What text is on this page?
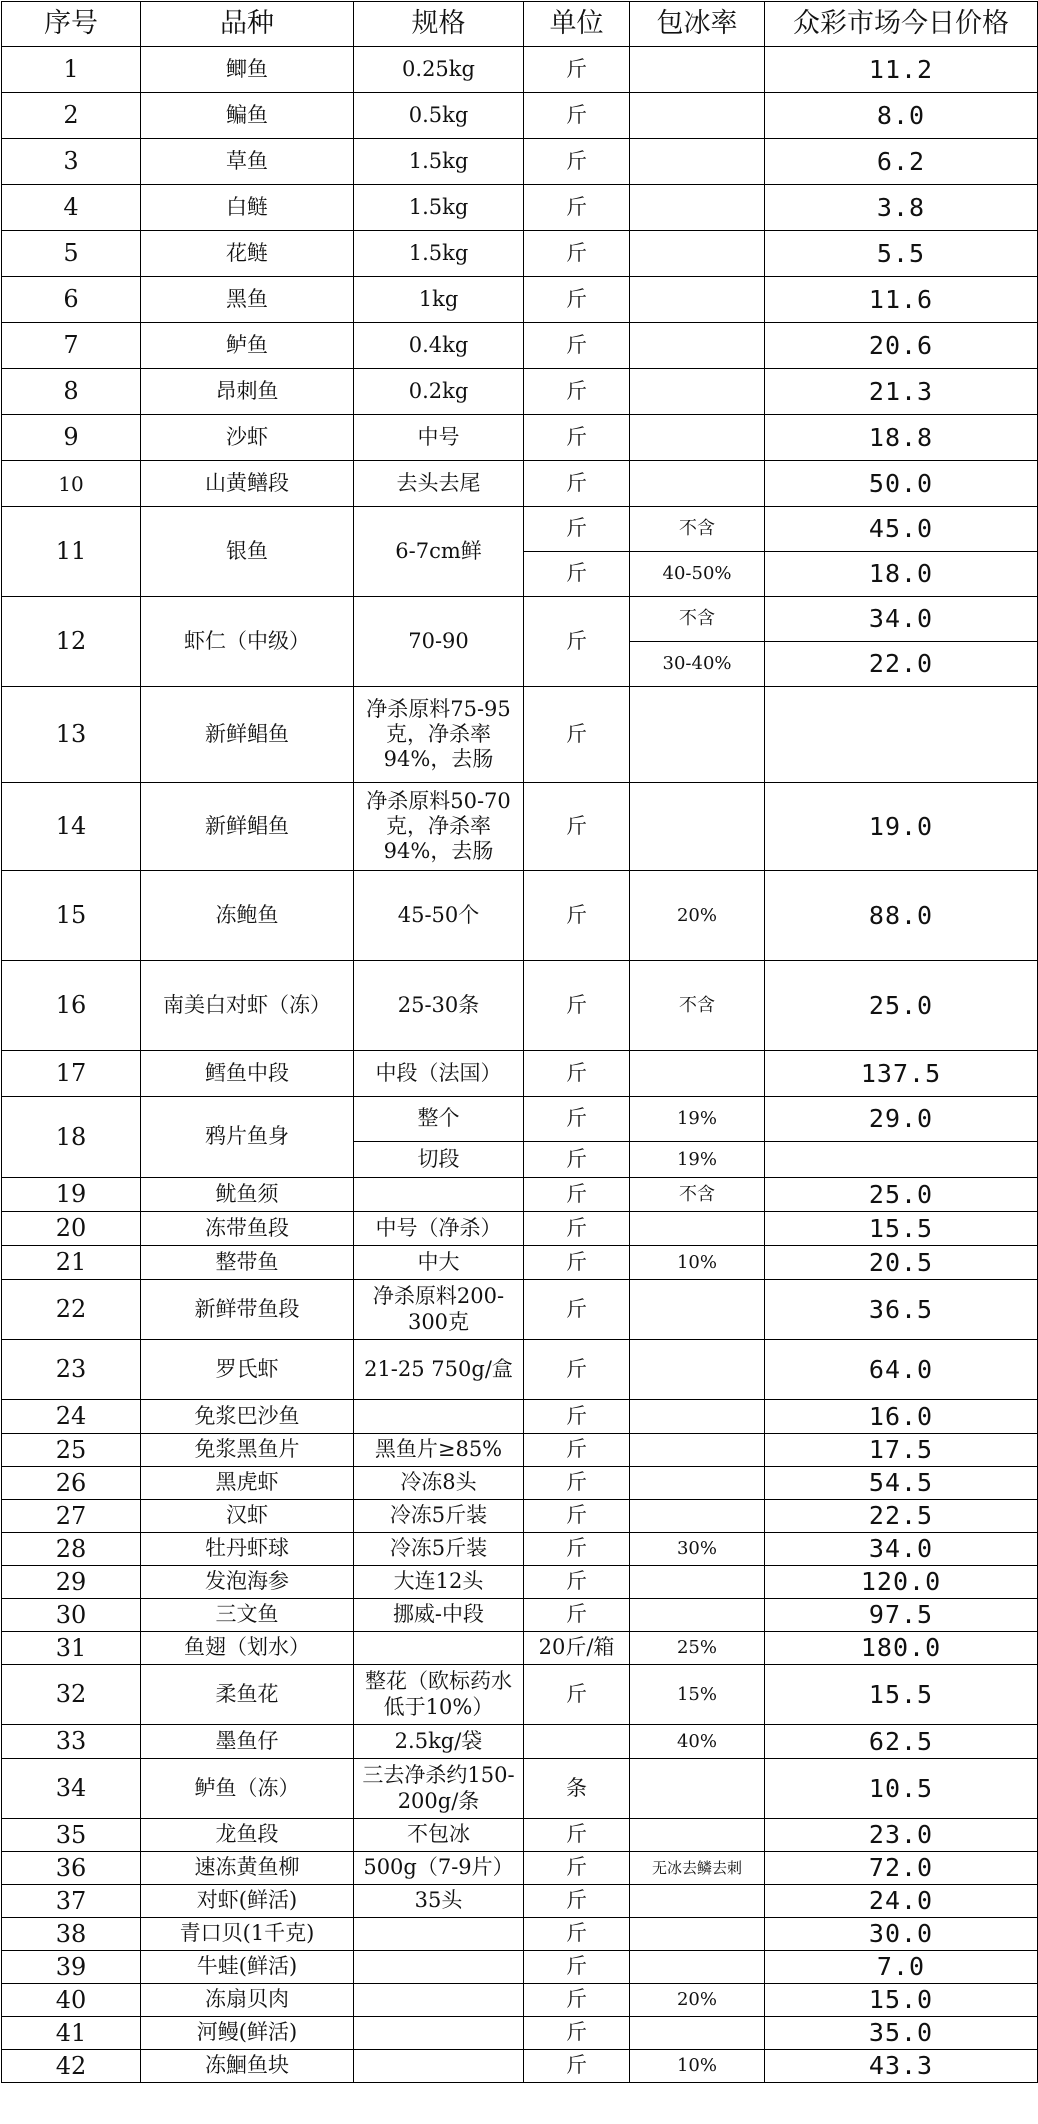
序号	品种	规格	单位	包冰率	众彩市场今日价格
1	鲫鱼	0.25kg	斤		11.2
2	鳊鱼	0.5kg	斤		8.0
3	草鱼	1.5kg	斤		6.2
4	白鲢	1.5kg	斤		3.8
5	花鲢	1.5kg	斤		5.5
6	黑鱼	1kg	斤		11.6
7	鲈鱼	0.4kg	斤		20.6
8	昂刺鱼	0.2kg	斤		21.3
9	沙虾	中号	斤		18.8
10	山黄鳝段	去头去尾	斤		50.0
11	银鱼	6-7cm鲜	斤	不含	45.0
			斤	40-50%	18.0
12	虾仁（中级）	70-90	斤	不含	34.0
				30-40%	22.0
13	新鲜鲳鱼	净杀原料75-95克，净杀率94%，去肠	斤		
14	新鲜鲳鱼	净杀原料50-70克，净杀率94%，去肠	斤		19.0
15	冻鲍鱼	45-50个	斤	20%	88.0
16	南美白对虾（冻）	25-30条	斤	不含	25.0
17	鳕鱼中段	中段（法国）	斤		137.5
18	鸦片鱼身	整个	斤	19%	29.0
		切段	斤	19%	
19	鱿鱼须		斤	不含	25.0
20	冻带鱼段	中号（净杀）	斤		15.5
21	整带鱼	中大	斤	10%	20.5
22	新鲜带鱼段	净杀原料200-300克	斤		36.5
23	罗氏虾	21-25 750g/盒	斤		64.0
24	免浆巴沙鱼		斤		16.0
25	免浆黑鱼片	黑鱼片≥85%	斤		17.5
26	黑虎虾	冷冻8头	斤		54.5
27	汉虾	冷冻5斤装	斤		22.5
28	牡丹虾球	冷冻5斤装	斤	30%	34.0
29	发泡海参	大连12头	斤		120.0
30	三文鱼	挪威-中段	斤		97.5
31	鱼翅（划水）		20斤/箱	25%	180.0
32	柔鱼花	整花（欧标药水低于10%）	斤	15%	15.5
33	墨鱼仔	2.5kg/袋		40%	62.5
34	鲈鱼（冻）	三去净杀约150-200g/条	条		10.5
35	龙鱼段	不包冰	斤		23.0
36	速冻黄鱼柳	500g（7-9片）	斤	无冰去鳞去刺	72.0
37	对虾(鲜活)	35头	斤		24.0
38	青口贝(1千克)		斤		30.0
39	牛蛙(鲜活)		斤		7.0
40	冻扇贝肉		斤	20%	15.0
41	河鳗(鲜活)		斤		35.0
42	冻鮰鱼块		斤	10%	43.3
